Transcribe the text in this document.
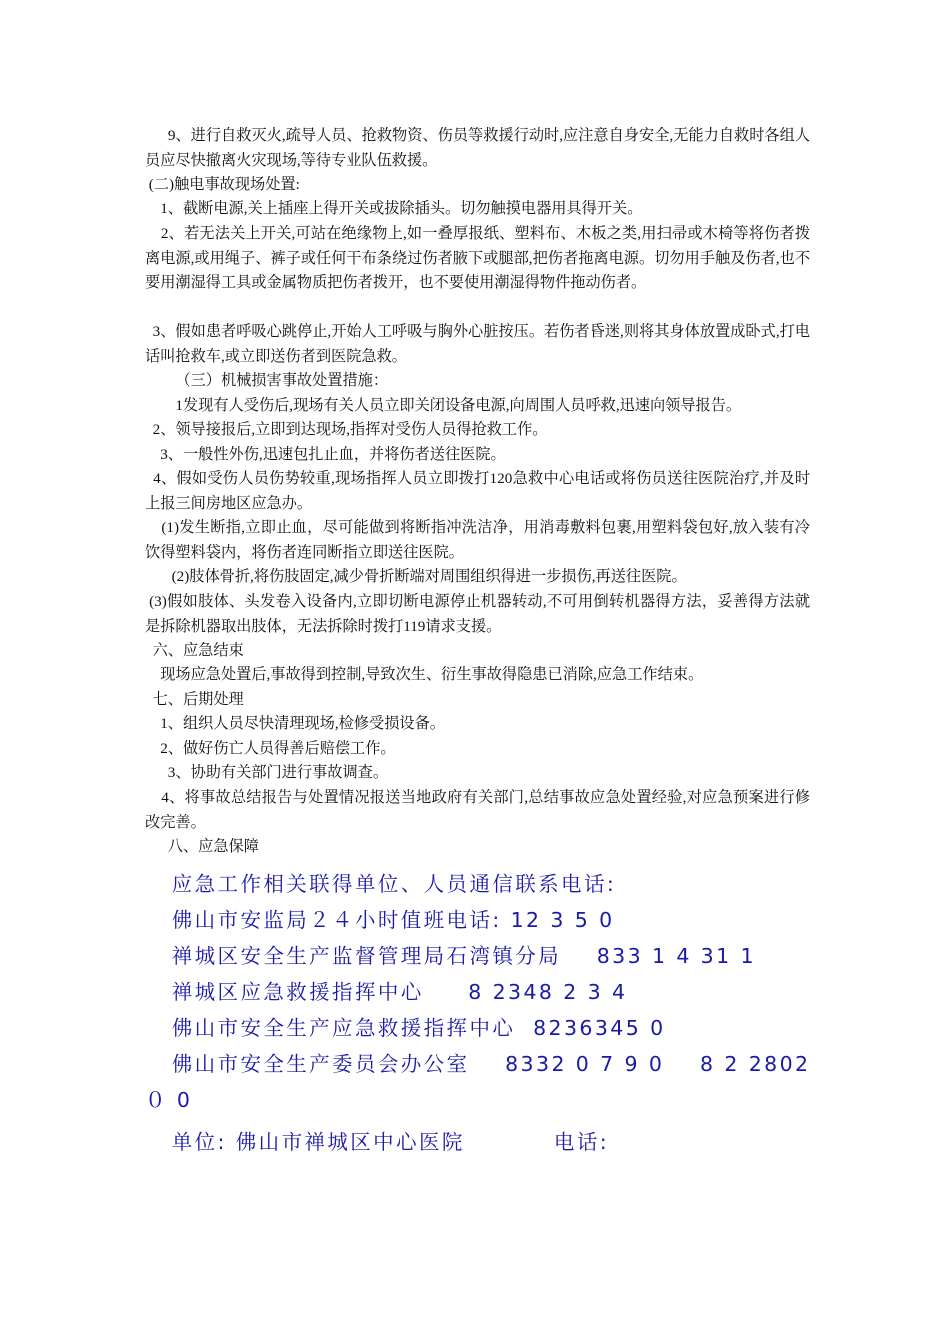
9、进行自救灭火,疏导人员、抢救物资、伤员等救援行动时,应注意自身安全,无能力自救时各组人员应尽快撤离火灾现场,等待专业队伍救援。

(二)触电事故现场处置:

1、截断电源,关上插座上得开关或拔除插头。切勿触摸电器用具得开关。

2、若无法关上开关,可站在绝缘物上,如一叠厚报纸、塑料布、木板之类,用扫帚或木椅等将伤者拨离电源,或用绳子、裤子或任何干布条绕过伤者腋下或腿部,把伤者拖离电源。切勿用手触及伤者,也不要用潮湿得工具或金属物质把伤者拨开，也不要使用潮湿得物件拖动伤者。

3、假如患者呼吸心跳停止,开始人工呼吸与胸外心脏按压。若伤者昏迷,则将其身体放置成卧式,打电话叫抢救车,或立即送伤者到医院急救。

（三）机械损害事故处置措施：

1发现有人受伤后,现场有关人员立即关闭设备电源,向周围人员呼救,迅速向领导报告。

2、领导接报后,立即到达现场,指挥对受伤人员得抢救工作。

3、一般性外伤,迅速包扎止血，并将伤者送往医院。

4、假如受伤人员伤势较重,现场指挥人员立即拨打120急救中心电话或将伤员送往医院治疗,并及时上报三间房地区应急办。

(1)发生断指,立即止血，尽可能做到将断指冲洗洁净，用消毒敷料包裹,用塑料袋包好,放入装有冷饮得塑料袋内，将伤者连同断指立即送往医院。

(2)肢体骨折,将伤肢固定,减少骨折断端对周围组织得进一步损伤,再送往医院。

(3)假如肢体、头发卷入设备内,立即切断电源停止机器转动,不可用倒转机器得方法，妥善得方法就是拆除机器取出肢体，无法拆除时拨打119请求支援。

六、应急结束

现场应急处置后,事故得到控制,导致次生、衍生事故得隐患已消除,应急工作结束。

七、后期处理

1、组织人员尽快清理现场,检修受损设备。

2、做好伤亡人员得善后赔偿工作。

3、协助有关部门进行事故调查。

4、将事故总结报告与处置情况报送当地政府有关部门,总结事故应急处置经验,对应急预案进行修改完善。

八、应急保障

应急工作相关联得单位、人员通信联系电话:

佛山市安监局２４小时值班电话: 12 3 5 0

禅城区安全生产监督管理局石湾镇分局    833 1 4 31 1

禅城区应急救援指挥中心     8 2348 2 3 4

佛山市安全生产应急救援指挥中心  8236345 0

佛山市安全生产委员会办公室    8332 0 7 9 0    8 2 2802

０ 0

单位: 佛山市禅城区中心医院          电话:
